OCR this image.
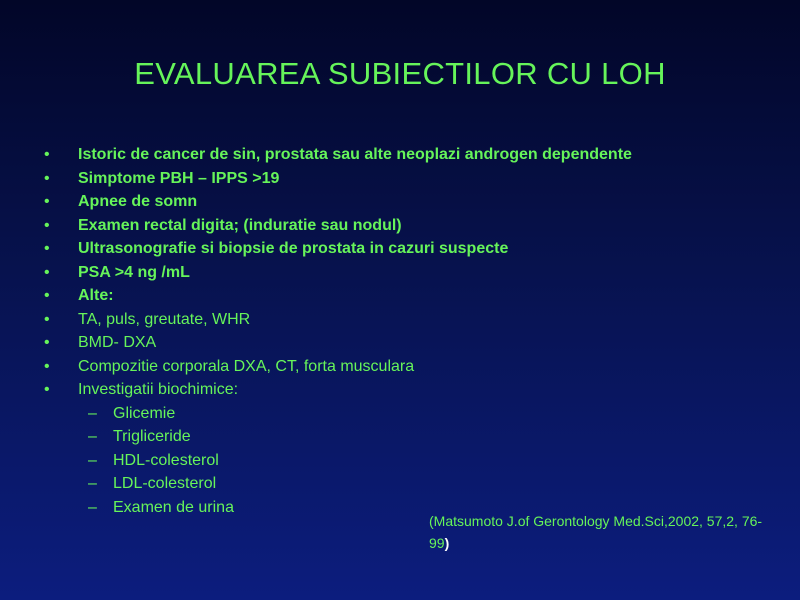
EVALUAREA SUBIECTILOR CU LOH
•	Istoric de cancer de sin, prostata sau alte neoplazi androgen dependente
•	Simptome PBH – IPPS >19
•	Apnee de somn
•	Examen rectal digita; (induratie sau nodul)
•	Ultrasonografie si biopsie de prostata in cazuri suspecte
•	PSA >4 ng /mL
•	Alte:
•	TA, puls, greutate, WHR
•	BMD- DXA
•	Compozitie corporala DXA, CT, forta musculara
•	Investigatii biochimice:
–	Glicemie
–	Trigliceride
–	HDL-colesterol
–	LDL-colesterol
–	Examen de urina
(Matsumoto J.of Gerontology Med.Sci,2002, 57,2, 76-99)
